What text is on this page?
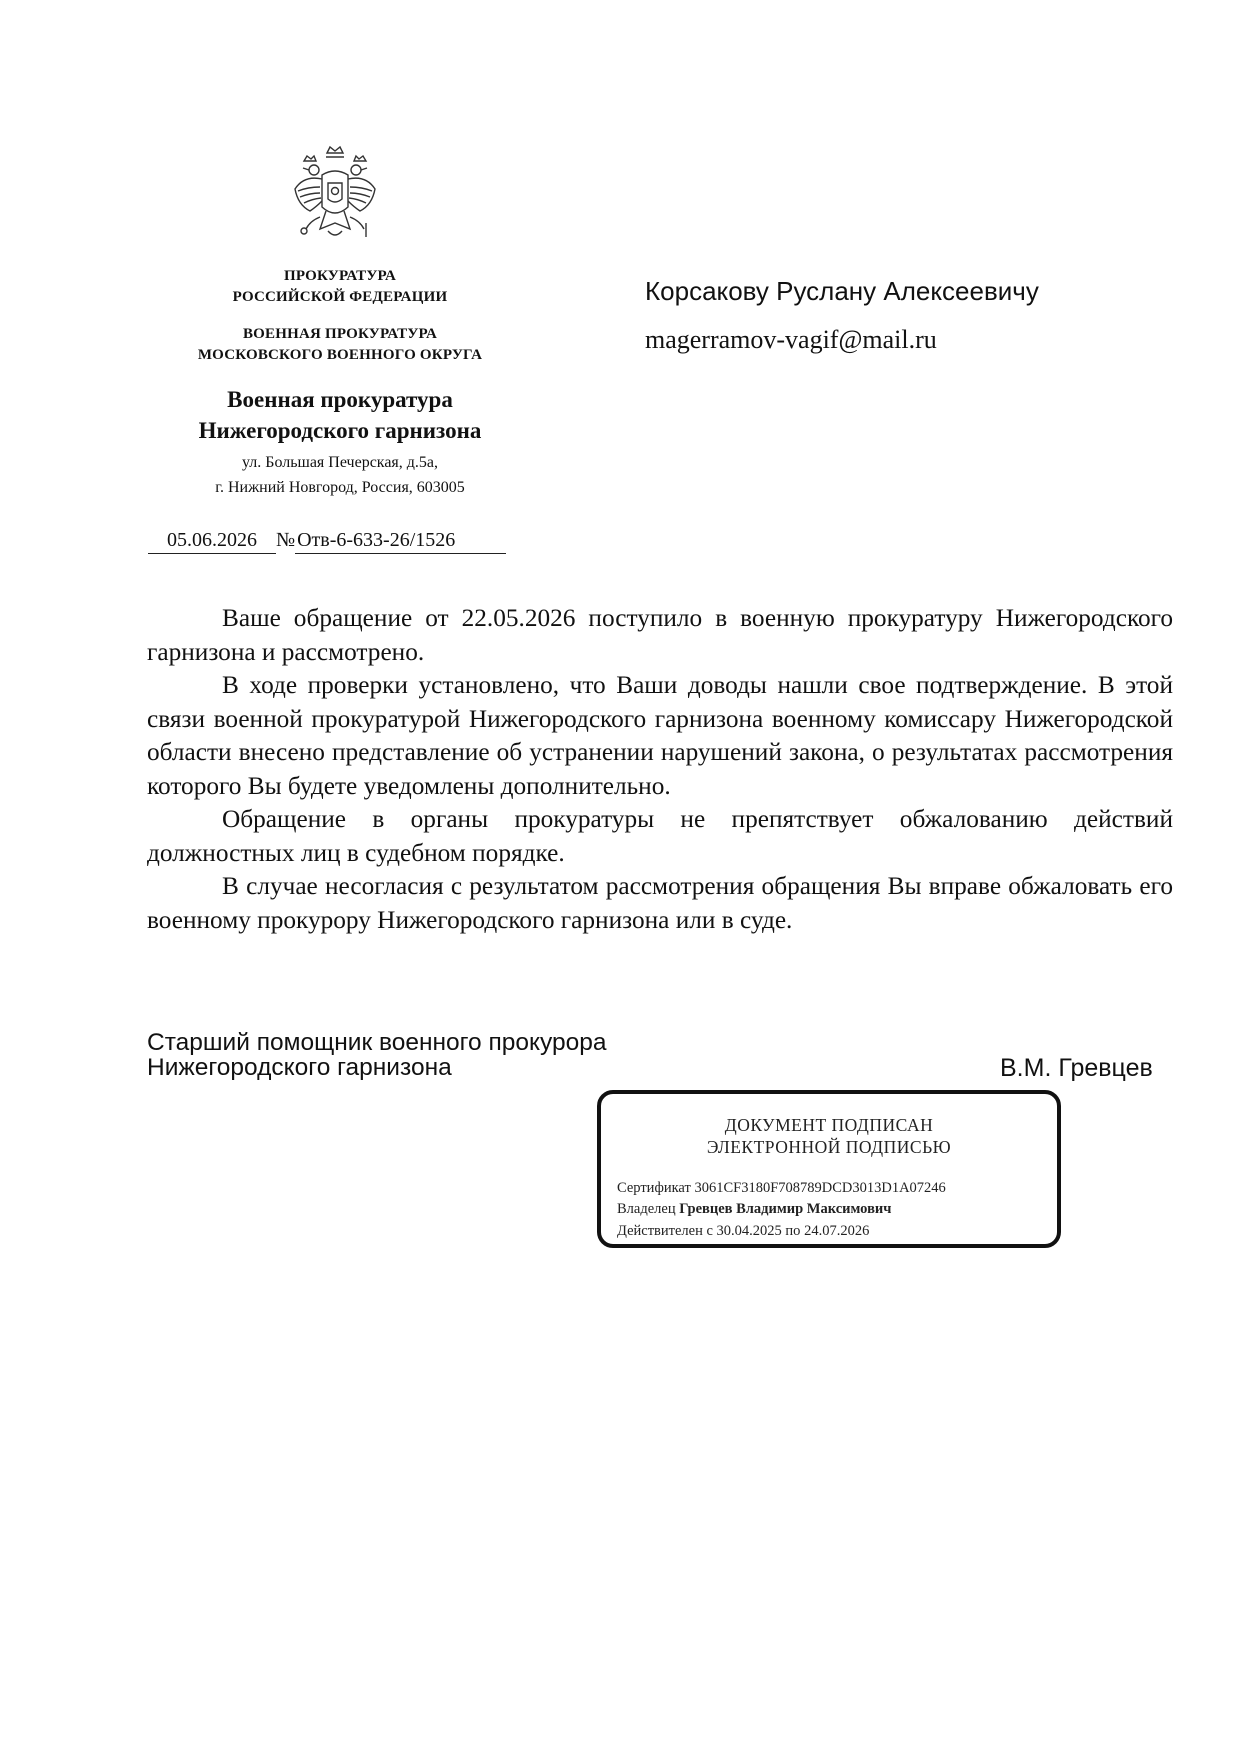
ПРОКУРАТУРА
РОССИЙСКОЙ ФЕДЕРАЦИИ
ВОЕННАЯ ПРОКУРАТУРА
МОСКОВСКОГО ВОЕННОГО ОКРУГА
Военная прокуратура
Нижегородского гарнизона
ул. Большая Печерская, д.5а,
г. Нижний Новгород, Россия, 603005
05.06.2026 № Отв-6-633-26/1526
Корсакову Руслану Алексеевичу
magerramov-vagif@mail.ru

Ваше обращение от 22.05.2026 поступило в военную прокуратуру Нижегородского гарнизона и рассмотрено.

В ходе проверки установлено, что Ваши доводы нашли свое подтверждение. В этой связи военной прокуратурой Нижегородского гарнизона военному комиссару Нижегородской области внесено представление об устранении нарушений закона, о результатах рассмотрения которого Вы будете уведомлены дополнительно.

Обращение в органы прокуратуры не препятствует обжалованию действий должностных лиц в судебном порядке.

В случае несогласия с результатом рассмотрения обращения Вы вправе обжаловать его военному прокурору Нижегородского гарнизона или в суде.

Старший помощник военного прокурора
Нижегородского гарнизона	В.М. Гревцев
ДОКУМЕНТ ПОДПИСАН
ЭЛЕКТРОННОЙ ПОДПИСЬЮ
Сертификат 3061CF3180F708789DCD3013D1A07246
Владелец Гревцев Владимир Максимович
Действителен с 30.04.2025 по 24.07.2026
